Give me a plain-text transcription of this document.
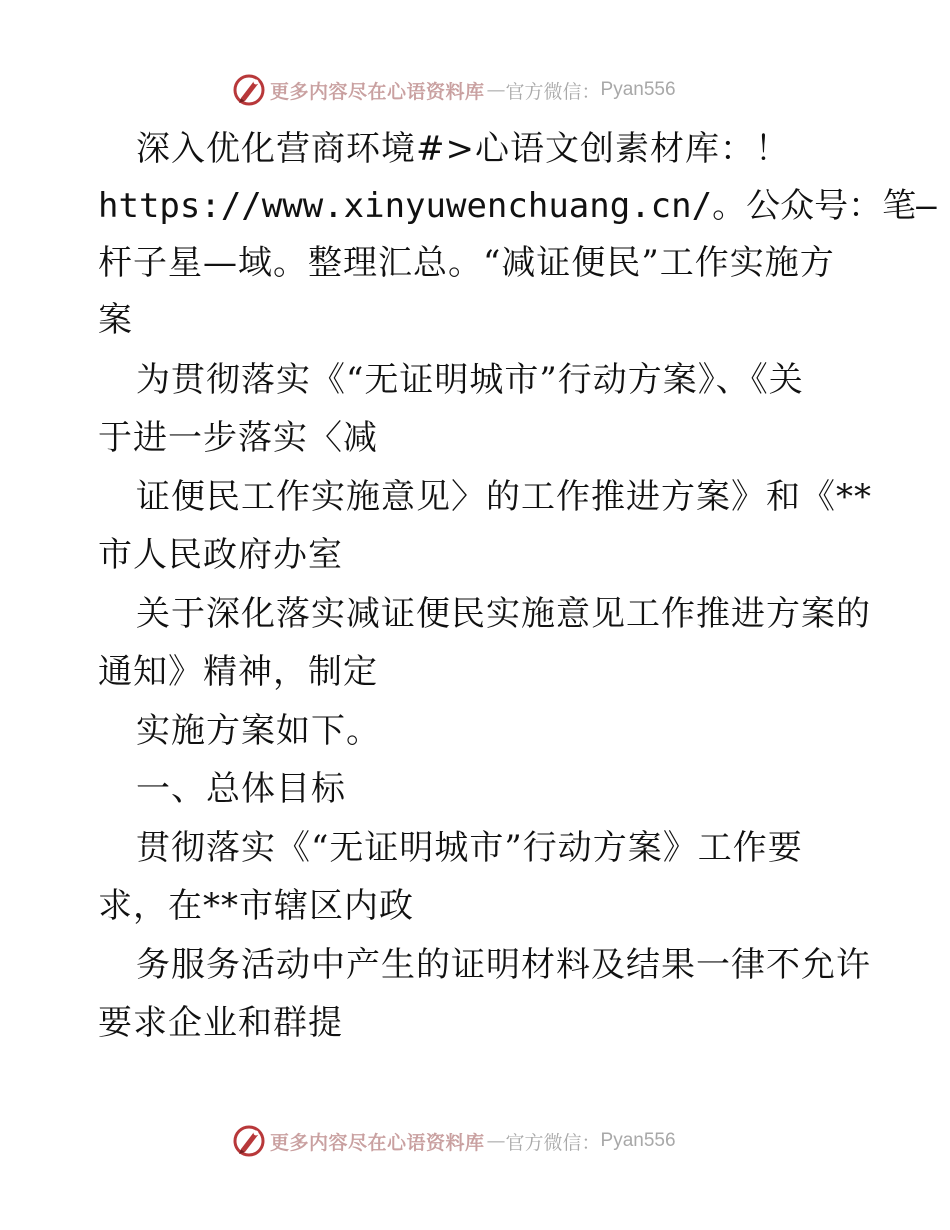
更多内容尽在心语资料库 — 官方微信： Pyan556
深入优化营商环境#>心语文创素材库：！
https://www.xinyuwenchuang.cn/。公众号：笔—
杆子星—域。整理汇总。“减证便民”工作实施方
案
为贯彻落实《“无证明城市”行动方案》、《关
于进一步落实〈减
证便民工作实施意见〉的工作推进方案》和《**
市人民政府办室
关于深化落实减证便民实施意见工作推进方案的
通知》精神，制定
实施方案如下。
一、总体目标
贯彻落实《“无证明城市”行动方案》工作要
求，在**市辖区内政
务服务活动中产生的证明材料及结果一律不允许
要求企业和群提
更多内容尽在心语资料库 — 官方微信： Pyan556
